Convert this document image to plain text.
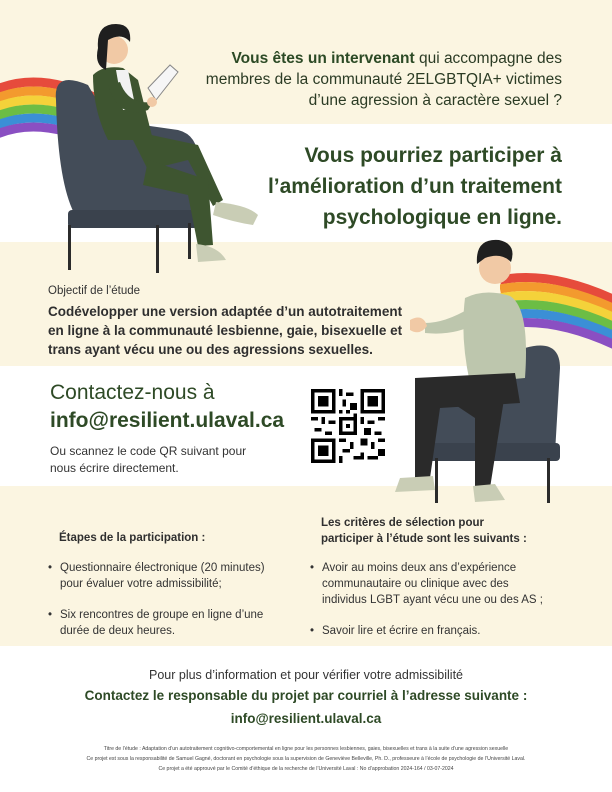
Vous êtes un intervenant qui accompagne des
membres de la communauté 2ELGBTQIA+ victimes
d’une agression à caractère sexuel ?
Vous pourriez participer à
l’amélioration d’un traitement
psychologique en ligne.
Objectif de l’étude
Codévelopper une version adaptée d’un autotraitement
en ligne à la communauté lesbienne, gaie, bisexuelle et
trans ayant vécu une ou des agressions sexuelles.
Contactez-nous à
info@resilient.ulaval.ca
Ou scannez le code QR suivant pour
nous écrire directement.
Étapes de la participation :
• Questionnaire électronique (20 minutes)
pour évaluer votre admissibilité;
• Six rencontres de groupe en ligne d’une
durée de deux heures.
Les critères de sélection pour
participer à l’étude sont les suivants :
• Avoir au moins deux ans d’expérience
communautaire ou clinique avec des
individus LGBT ayant vécu une ou des AS ;
• Savoir lire et écrire en français.
Pour plus d’information et pour vérifier votre admissibilité
Contactez le responsable du projet par courriel à l’adresse suivante :
info@resilient.ulaval.ca
Titre de l’étude : Adaptation d’un autotraitement cognitivo-comportemental en ligne pour les personnes lesbiennes, gaies, bisexuelles et trans à la suite d’une agression sexuelle
Ce projet est sous la responsabilité de Samuel Gagné, doctorant en psychologie sous la supervision de Geneviève Belleville, Ph. D., professeure à l’école de psychologie de l’Université Laval.
Ce projet a été approuvé par le Comité d’éthique de la recherche de l’Université Laval : No d’approbation 2024-164 / 03-07-2024
